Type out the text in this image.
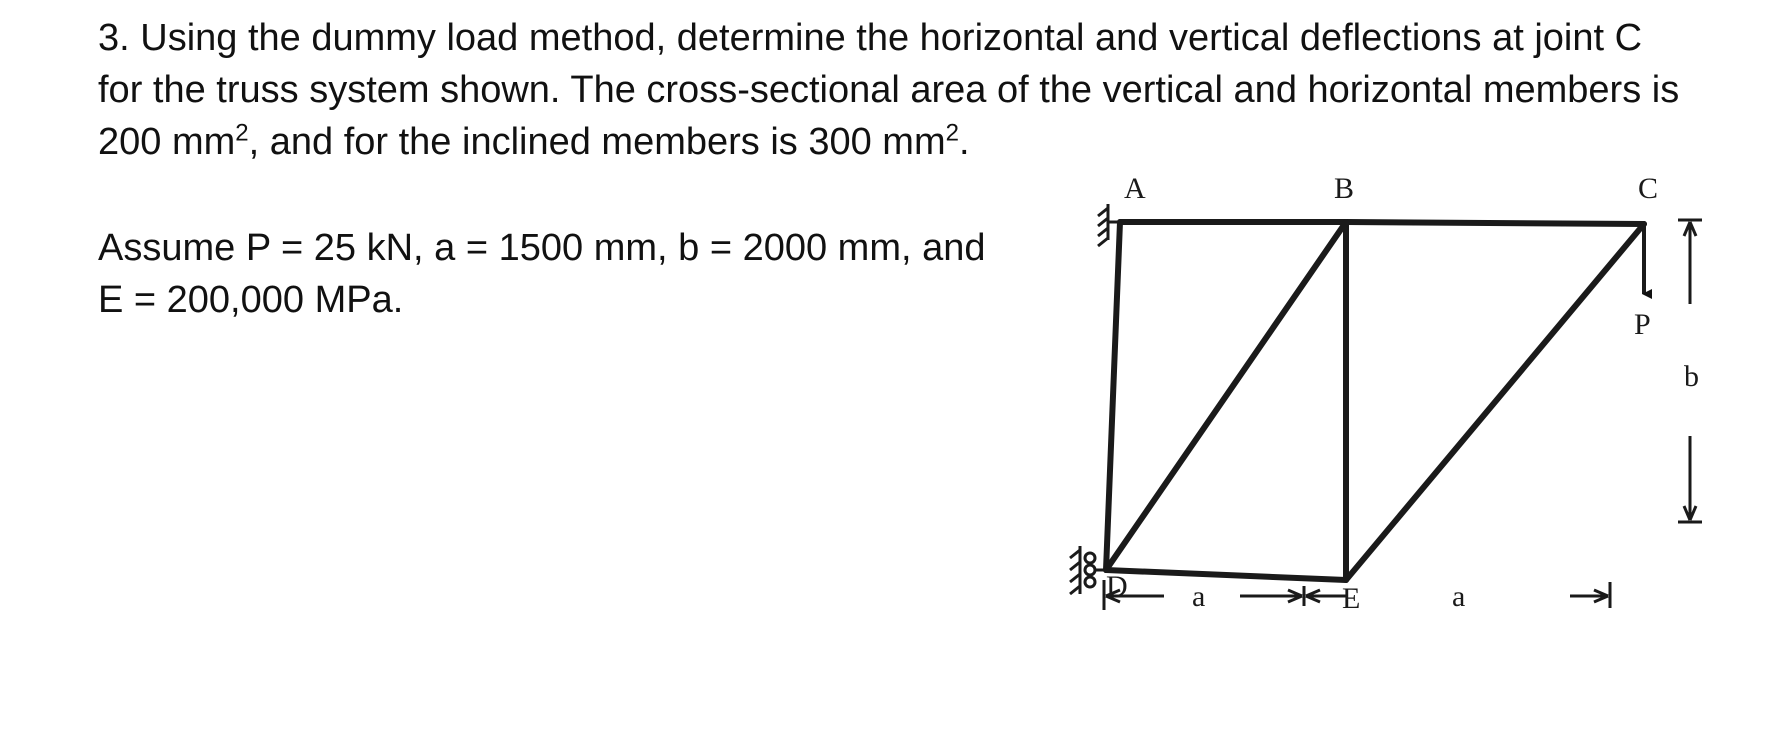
3. Using the dummy load method, determine the horizontal and vertical deflections at joint C
for the truss system shown. The cross-sectional area of the vertical and horizontal members is
200 $mm^2$, and for the inclined members is 300 $mm^2$.
Assume P = 25 kN, a = 1500 mm, b = 2000 mm, and
E = 200,000 MPa.
P
A	B	C
D	E
b
a	a
